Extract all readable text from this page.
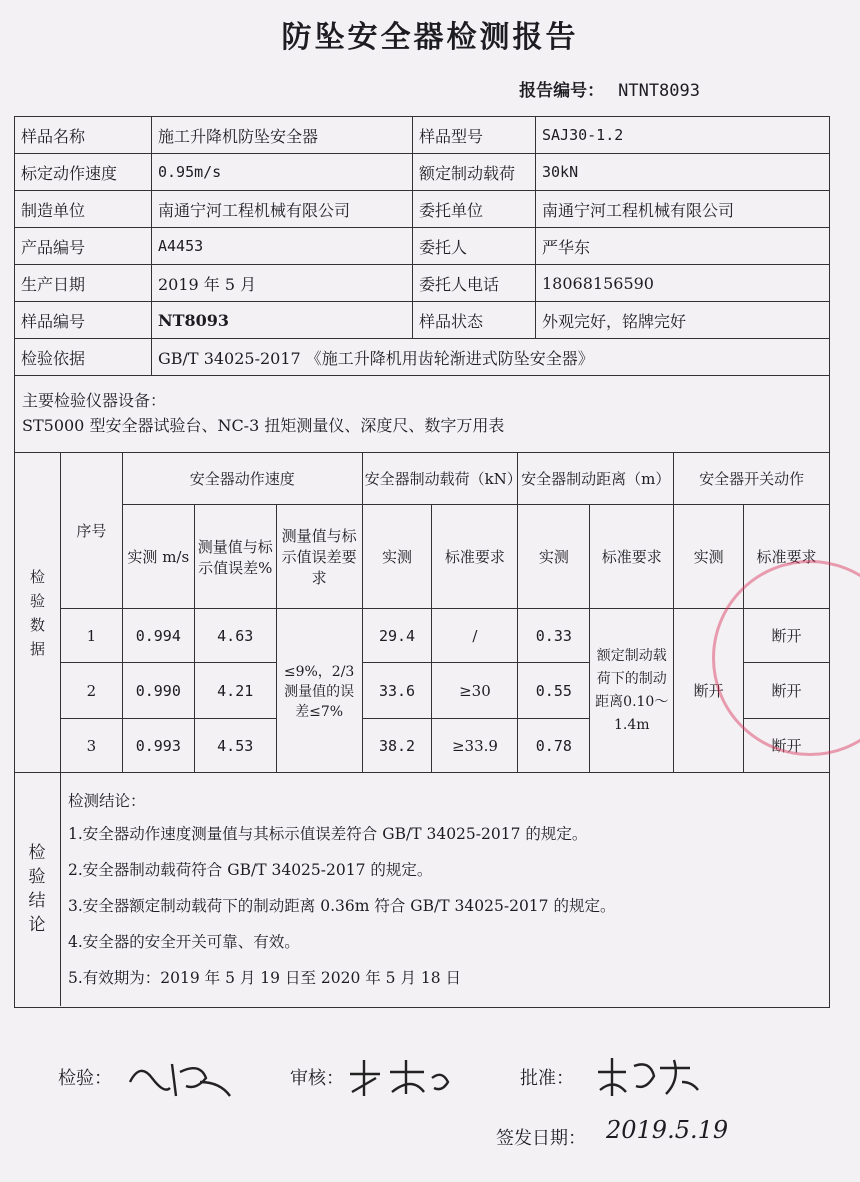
防坠安全器检测报告
报告编号： NTNT8093
样品名称	施工升降机防坠安全器	样品型号	SAJ30-1.2
标定动作速度	0.95m/s	额定制动载荷	30kN
制造单位	南通宁河工程机械有限公司	委托单位	南通宁河工程机械有限公司
产品编号	A4453	委托人	严华东
生产日期	2019 年 5 月	委托人电话	18068156590
样品编号	NT8093	样品状态	外观完好，铭牌完好
检验依据	GB/T 34025-2017 《施工升降机用齿轮渐进式防坠安全器》		
主要检验仪器设备：
ST5000 型安全器试验台、NC-3 扭矩测量仪、深度尺、数字万用表
检验数据	序号	安全器动作速度			安全器制动载荷（kN）		安全器制动距离（m）		安全器开关动作	
		实测 m/s	测量值与标示值误差%	测量值与标示值误差要求	实测	标准要求	实测	标准要求	实测	标准要求
	1	0.994	4.63	≤9%，2/3测量值的误差≤7%	29.4	/	0.33	额定制动载荷下的制动距离0.10～1.4m	断开	断开
	2	0.990	4.21		33.6	≥30	0.55			断开
	3	0.993	4.53		38.2	≥33.9	0.78			断开
检验结论
检测结论：
1.安全器动作速度测量值与其标示值误差符合 GB/T 34025-2017 的规定。
2.安全器制动载荷符合 GB/T 34025-2017 的规定。
3.安全器额定制动载荷下的制动距离 0.36m 符合 GB/T 34025-2017 的规定。
4.安全器的安全开关可靠、有效。
5.有效期为：2019 年 5 月 19 日至 2020 年 5 月 18 日
检验：	审核：	批准：
签发日期： 2019.5.19
